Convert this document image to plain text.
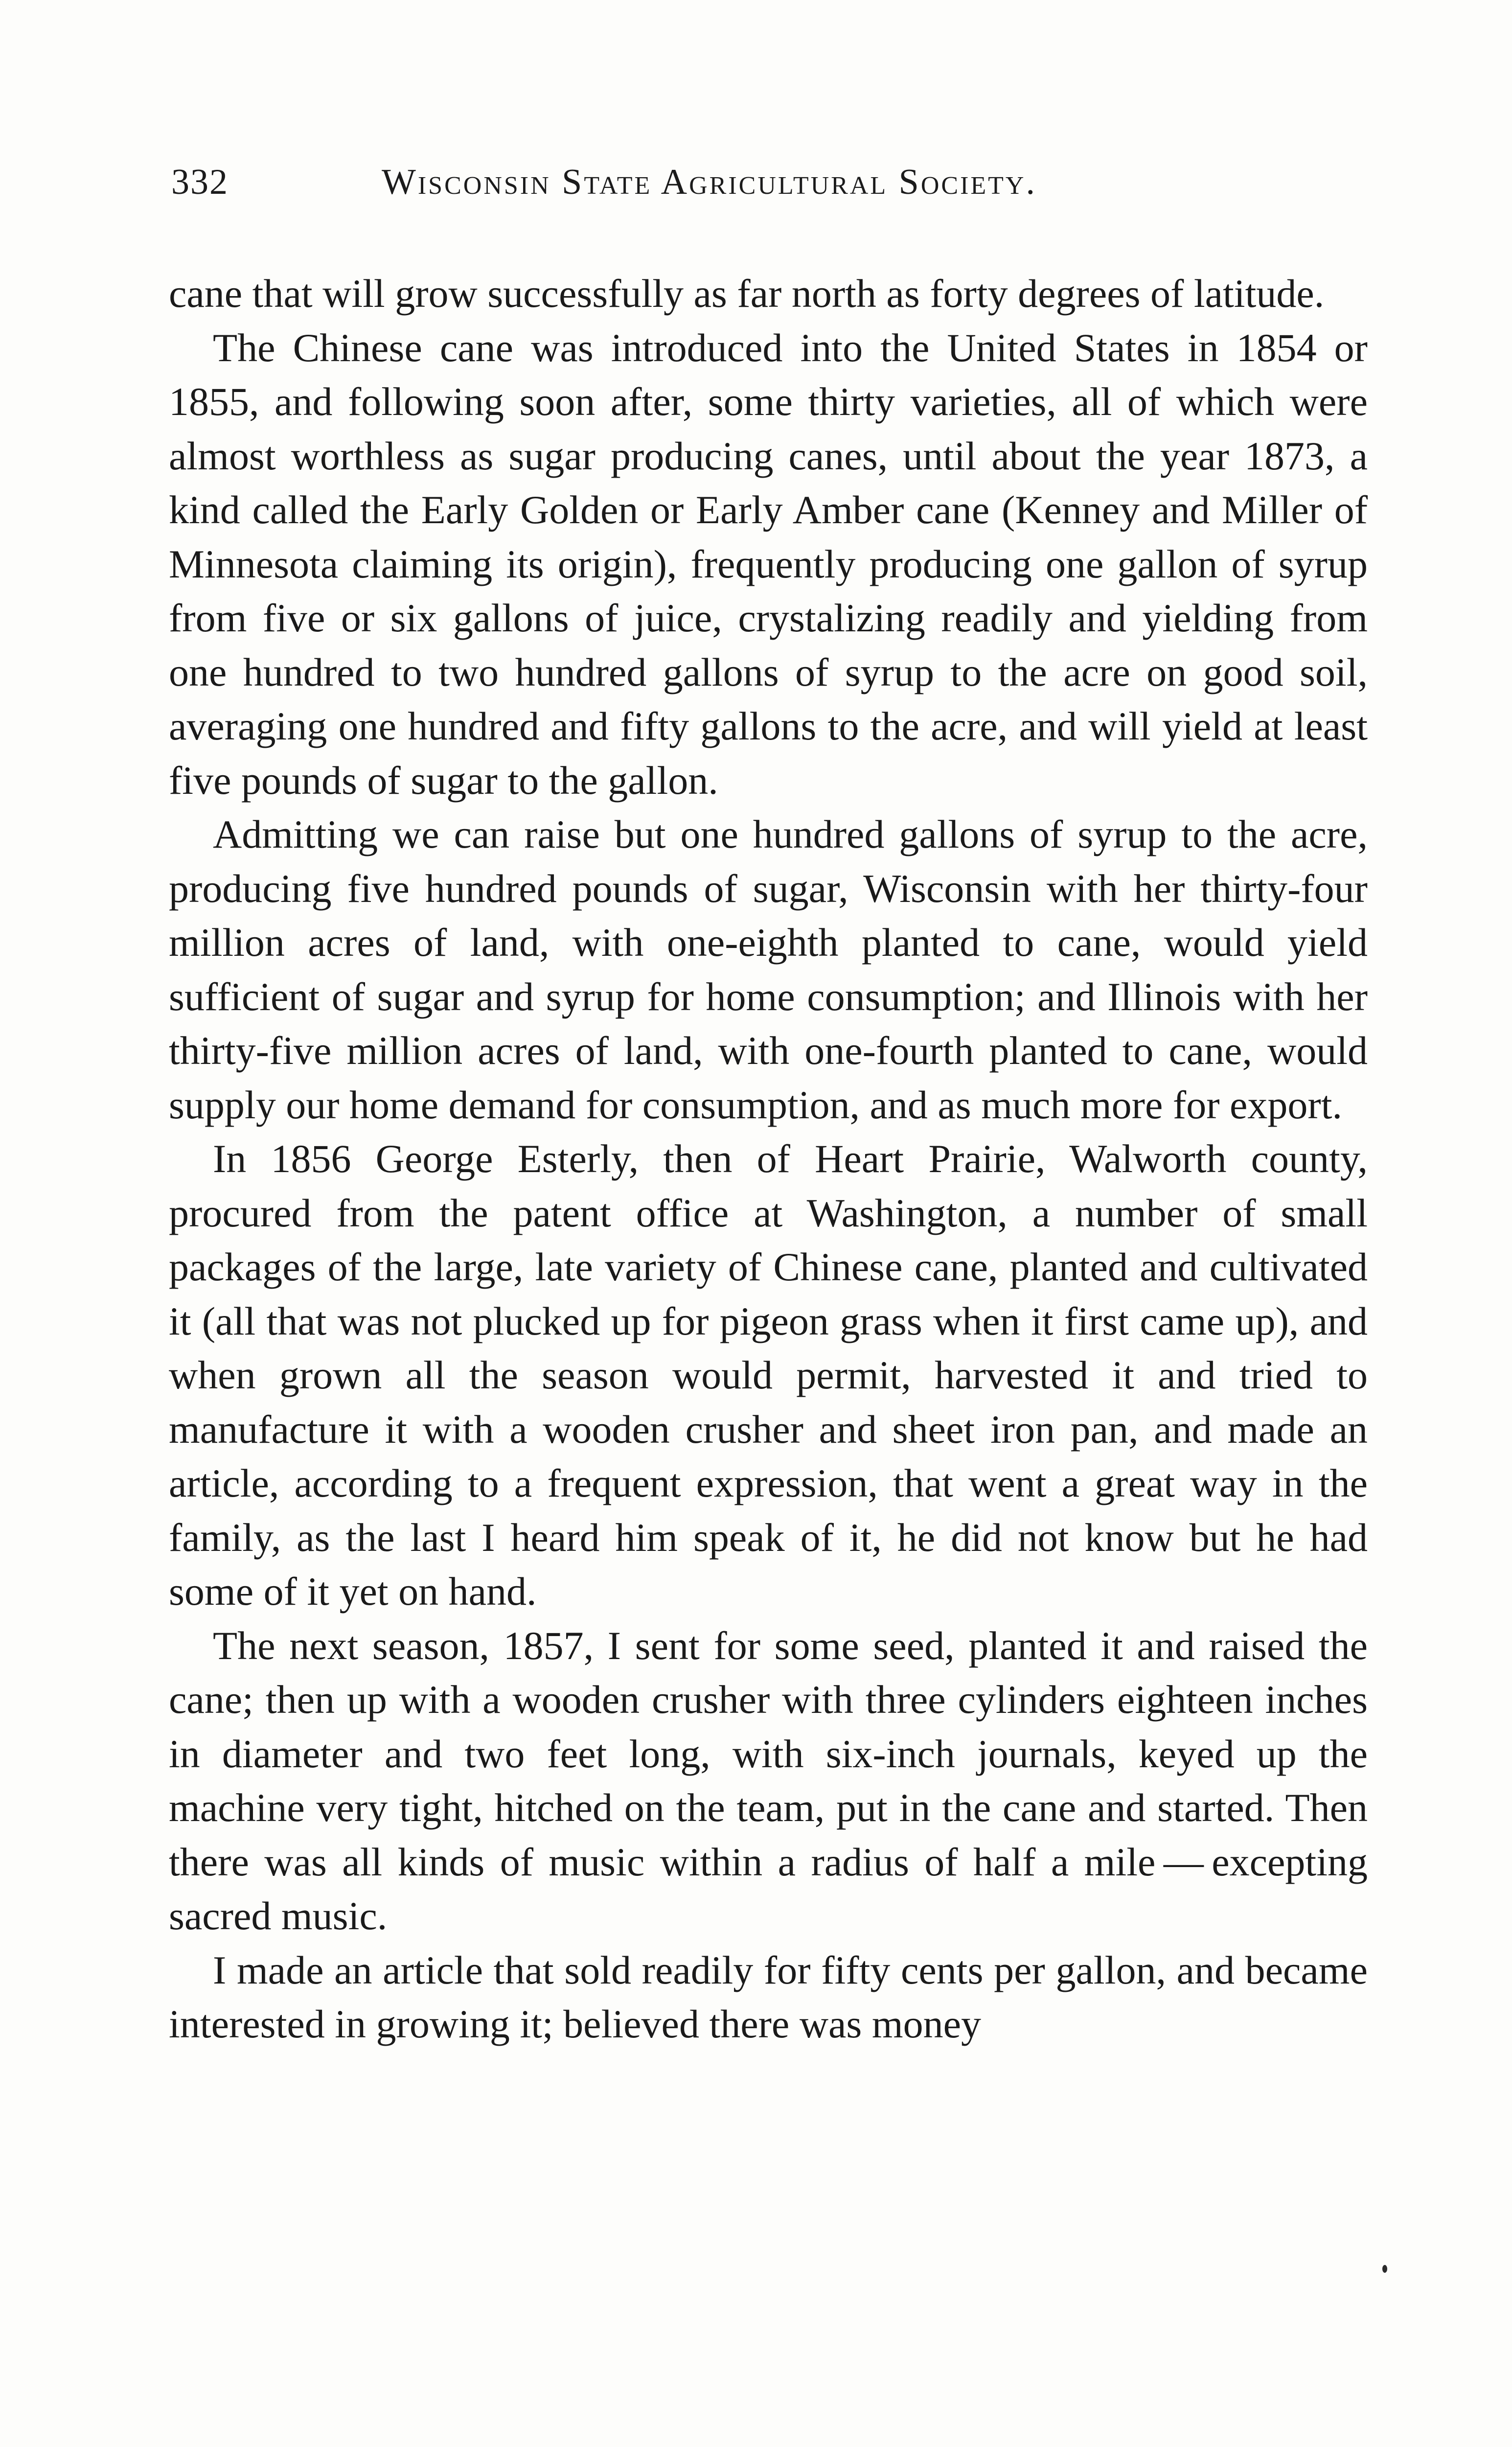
332	Wisconsin State Agricultural Society.

cane that will grow successfully as far north as forty degrees of latitude.

The Chinese cane was introduced into the United States in 1854 or 1855, and following soon after, some thirty varieties, all of which were almost worthless as sugar producing canes, until about the year 1873, a kind called the Early Golden or Early Amber cane (Kenney and Miller of Minnesota claiming its origin), frequently producing one gallon of syrup from five or six gallons of juice, crystalizing readily and yielding from one hundred to two hundred gallons of syrup to the acre on good soil, averaging one hundred and fifty gallons to the acre, and will yield at least five pounds of sugar to the gallon.

Admitting we can raise but one hundred gallons of syrup to the acre, producing five hundred pounds of sugar, Wisconsin with her thirty-four million acres of land, with one-eighth planted to cane, would yield sufficient of sugar and syrup for home consumption; and Illinois with her thirty-five million acres of land, with one-fourth planted to cane, would supply our home demand for consumption, and as much more for export.

In 1856 George Esterly, then of Heart Prairie, Walworth county, procured from the patent office at Washington, a number of small packages of the large, late variety of Chinese cane, planted and cultivated it (all that was not plucked up for pigeon grass when it first came up), and when grown all the season would permit, harvested it and tried to manufacture it with a wooden crusher and sheet iron pan, and made an article, according to a frequent expression, that went a great way in the family, as the last I heard him speak of it, he did not know but he had some of it yet on hand.

The next season, 1857, I sent for some seed, planted it and raised the cane; then up with a wooden crusher with three cylinders eighteen inches in diameter and two feet long, with six-inch journals, keyed up the machine very tight, hitched on the team, put in the cane and started. Then there was all kinds of music within a radius of half a mile — excepting sacred music.

I made an article that sold readily for fifty cents per gallon, and became interested in growing it; believed there was money
